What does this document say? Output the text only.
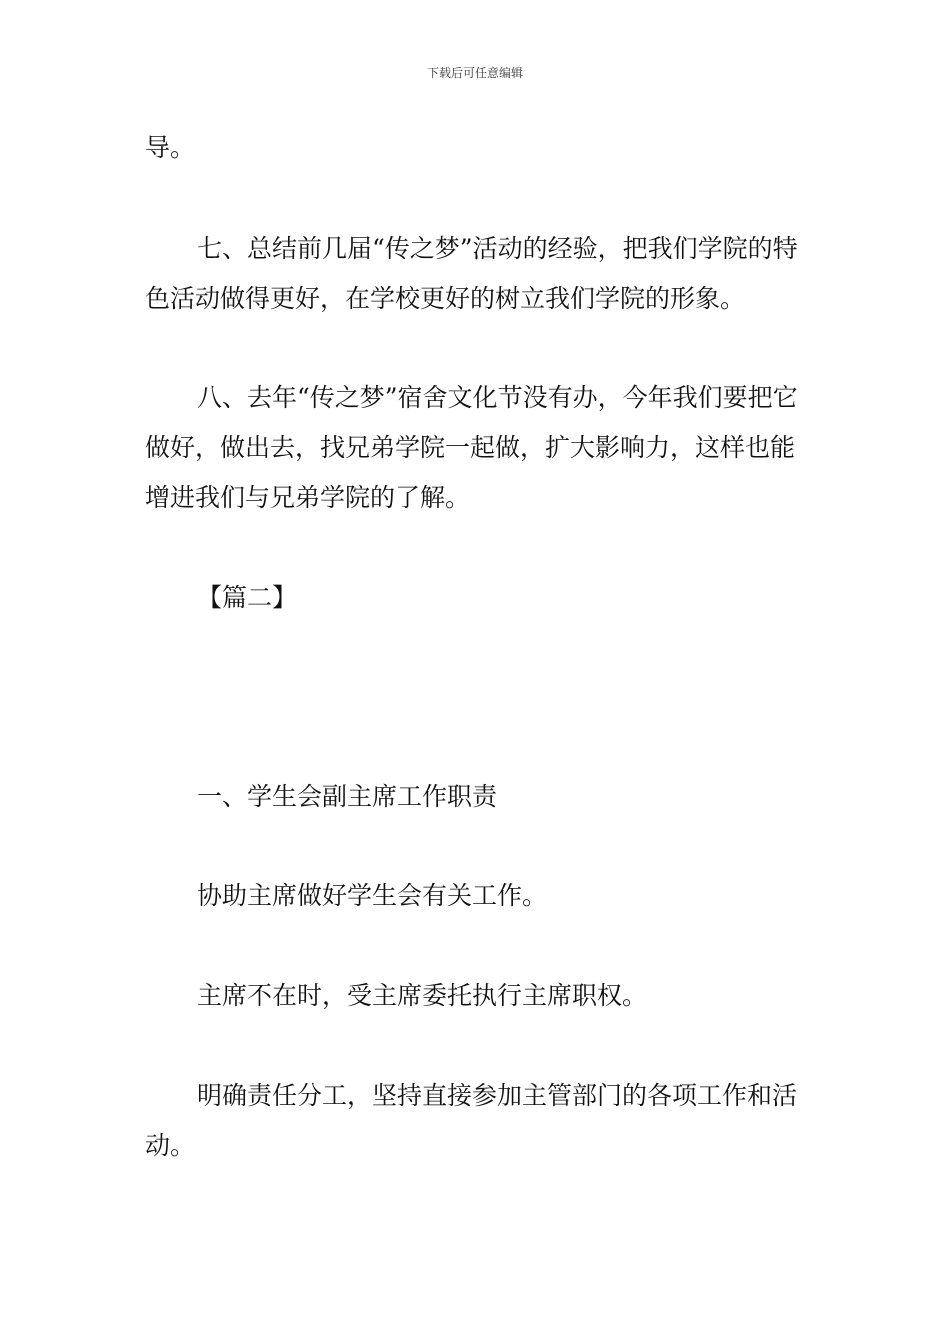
下载后可任意编辑

导。

七、总结前几届“传之梦”活动的经验，把我们学院的特色活动做得更好，在学校更好的树立我们学院的形象。

八、去年“传之梦”宿舍文化节没有办，今年我们要把它做好，做出去，找兄弟学院一起做，扩大影响力，这样也能增进我们与兄弟学院的了解。

【篇二】

一、学生会副主席工作职责

协助主席做好学生会有关工作。

主席不在时，受主席委托执行主席职权。

明确责任分工，坚持直接参加主管部门的各项工作和活动。
